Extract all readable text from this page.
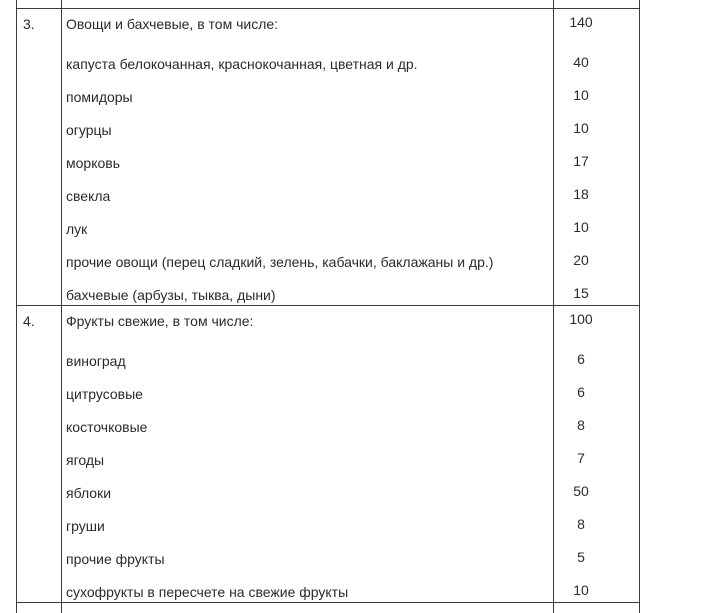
3. Овощи и бахчевые, в том числе:	140
капуста белокочанная, краснокочанная, цветная и др.	40
помидоры	10
огурцы	10
морковь	17
свекла	18
лук	10
прочие овощи (перец сладкий, зелень, кабачки, баклажаны и др.)	20
бахчевые (арбузы, тыква, дыни)	15
4. Фрукты свежие, в том числе:	100
виноград	6
цитрусовые	6
косточковые	8
ягоды	7
яблоки	50
груши	8
прочие фрукты	5
сухофрукты в пересчете на свежие фрукты	10
